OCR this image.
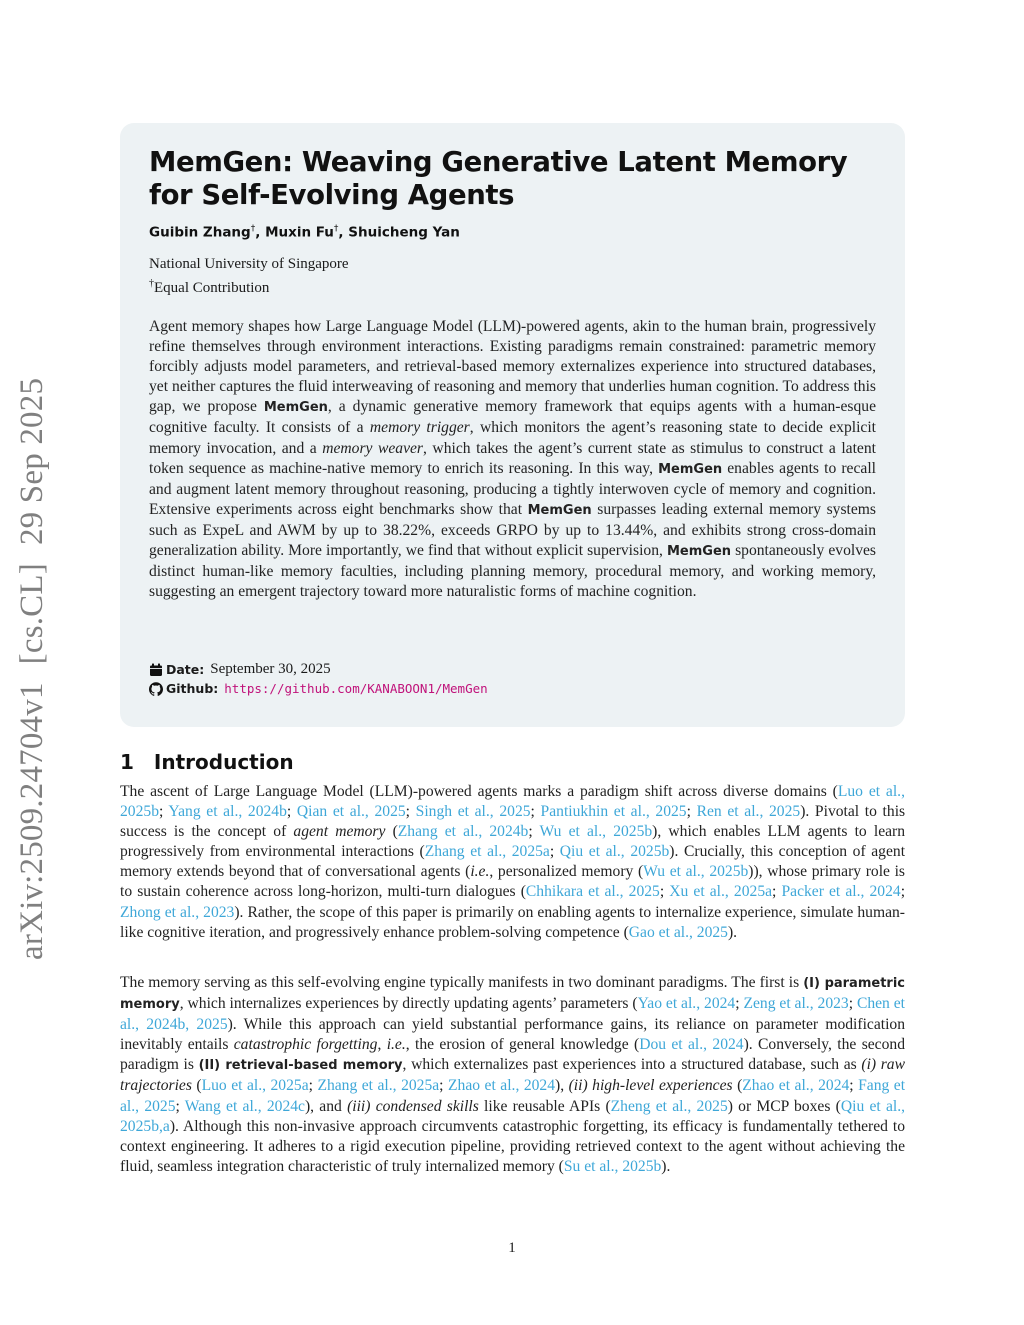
arXiv:2509.24704v1[cs.CL]29 Sep 2025
MemGen: Weaving Generative Latent Memory for Self-Evolving Agents
Guibin Zhang†, Muxin Fu†, Shuicheng Yan
National University of Singapore
†Equal Contribution

Agent memory shapes how Large Language Model (LLM)-powered agents, akin to the human brain, progressively refine themselves through environment interactions. Existing paradigms remain constrained: parametric memory forcibly adjusts model parameters, and retrieval-based memory externalizes experience into structured databases, yet neither captures the fluid interweaving of reasoning and memory that underlies human cognition. To address this gap, we propose MemGen, a dynamic generative memory framework that equips agents with a human-esque cognitive faculty. It consists of a memory trigger, which monitors the agent’s reasoning state to decide explicit memory invocation, and a memory weaver, which takes the agent’s current state as stimulus to construct a latent token sequence as machine-native memory to enrich its reasoning. In this way, MemGen enables agents to recall and augment latent memory throughout reasoning, producing a tightly interwoven cycle of memory and cognition. Extensive experiments across eight benchmarks show that MemGen surpasses leading external memory systems such as ExpeL and AWM by up to 38.22%, exceeds GRPO by up to 13.44%, and exhibits strong cross-domain generalization ability. More importantly, we find that without explicit supervision, MemGen spontaneously evolves distinct human-like memory faculties, including planning memory, procedural memory, and working memory, suggesting an emergent trajectory toward more naturalistic forms of machine cognition.

Date: September 30, 2025
Github: https://github.com/KANABOON1/MemGen
1 Introduction

The ascent of Large Language Model (LLM)-powered agents marks a paradigm shift across diverse domains (Luo et al., 2025b; Yang et al., 2024b; Qian et al., 2025; Singh et al., 2025; Pantiukhin et al., 2025; Ren et al., 2025). Pivotal to this success is the concept of agent memory (Zhang et al., 2024b; Wu et al., 2025b), which enables LLM agents to learn progressively from environmental interactions (Zhang et al., 2025a; Qiu et al., 2025b). Crucially, this conception of agent memory extends beyond that of conversational agents (i.e., personalized memory (Wu et al., 2025b)), whose primary role is to sustain coherence across long-horizon, multi-turn dialogues (Chhikara et al., 2025; Xu et al., 2025a; Packer et al., 2024; Zhong et al., 2023). Rather, the scope of this paper is primarily on enabling agents to internalize experience, simulate human-like cognitive iteration, and progressively enhance problem-solving competence (Gao et al., 2025).

The memory serving as this self-evolving engine typically manifests in two dominant paradigms. The first is (I) parametric memory, which internalizes experiences by directly updating agents’ parameters (Yao et al., 2024; Zeng et al., 2023; Chen et al., 2024b, 2025). While this approach can yield substantial performance gains, its reliance on parameter modification inevitably entails catastrophic forgetting, i.e., the erosion of general knowledge (Dou et al., 2024). Conversely, the second paradigm is (II) retrieval-based memory, which externalizes past experiences into a structured database, such as (i) raw trajectories (Luo et al., 2025a; Zhang et al., 2025a; Zhao et al., 2024), (ii) high-level experiences (Zhao et al., 2024; Fang et al., 2025; Wang et al., 2024c), and (iii) condensed skills like reusable APIs (Zheng et al., 2025) or MCP boxes (Qiu et al., 2025b,a). Although this non-invasive approach circumvents catastrophic forgetting, its efficacy is fundamentally tethered to context engineering. It adheres to a rigid execution pipeline, providing retrieved context to the agent without achieving the fluid, seamless integration characteristic of truly internalized memory (Su et al., 2025b).

1
